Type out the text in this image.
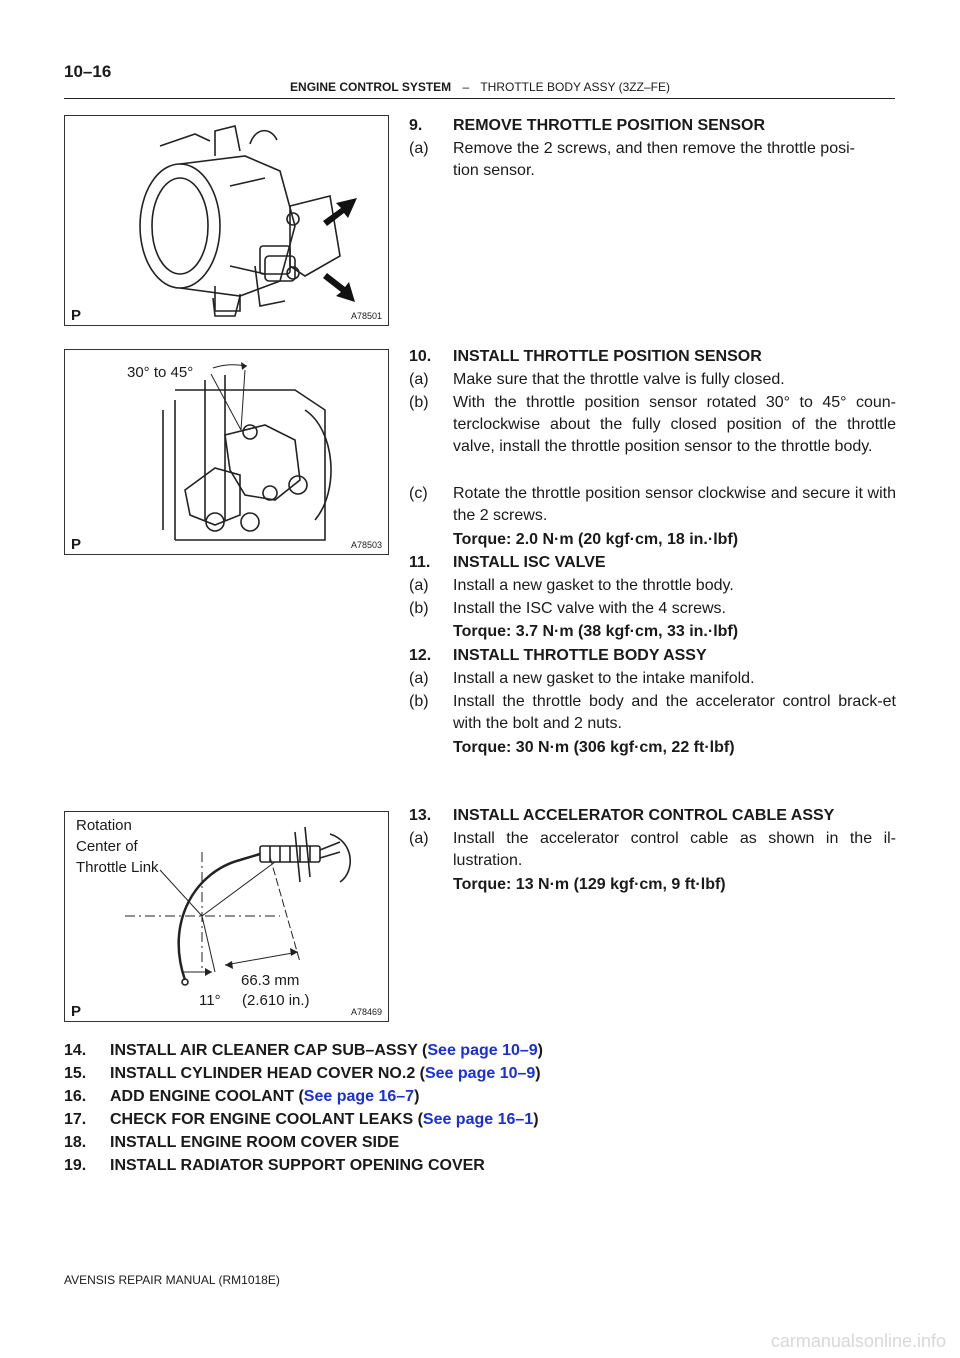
10–16
ENGINE CONTROL SYSTEM – THROTTLE BODY ASSY (3ZZ–FE)
P	A78501
30° to 45°
P	A78503
Rotation
Center of
Throttle Link
66.3 mm
(2.610 in.)
11°
P	A78469
9. REMOVE THROTTLE POSITION SENSOR
(a) Remove the 2 screws, and then remove the throttle posi-
tion sensor.
10. INSTALL THROTTLE POSITION SENSOR
(a) Make sure that the throttle valve is fully closed.
(b) With the throttle position sensor rotated 30° to 45° coun-terclockwise about the fully closed position of the throttle valve, install the throttle position sensor to the throttle body.
(c) Rotate the throttle position sensor clockwise and secure it with the 2 screws.
Torque: 2.0 N·m (20 kgf·cm, 18 in.·lbf)
11. INSTALL ISC VALVE
(a) Install a new gasket to the throttle body.
(b) Install the ISC valve with the 4 screws.
Torque: 3.7 N·m (38 kgf·cm, 33 in.·lbf)
12. INSTALL THROTTLE BODY ASSY
(a) Install a new gasket to the intake manifold.
(b) Install the throttle body and the accelerator control brack-et with the bolt and 2 nuts.
Torque: 30 N·m (306 kgf·cm, 22 ft·lbf)
13. INSTALL ACCELERATOR CONTROL CABLE ASSY
(a) Install the accelerator control cable as shown in the il-lustration.
Torque: 13 N·m (129 kgf·cm, 9 ft·lbf)
14. INSTALL AIR CLEANER CAP SUB–ASSY (See page 10–9)
15. INSTALL CYLINDER HEAD COVER NO.2 (See page 10–9)
16. ADD ENGINE COOLANT (See page 16–7)
17. CHECK FOR ENGINE COOLANT LEAKS (See page 16–1)
18. INSTALL ENGINE ROOM COVER SIDE
19. INSTALL RADIATOR SUPPORT OPENING COVER
AVENSIS REPAIR MANUAL (RM1018E)
carmanualsonline.info
